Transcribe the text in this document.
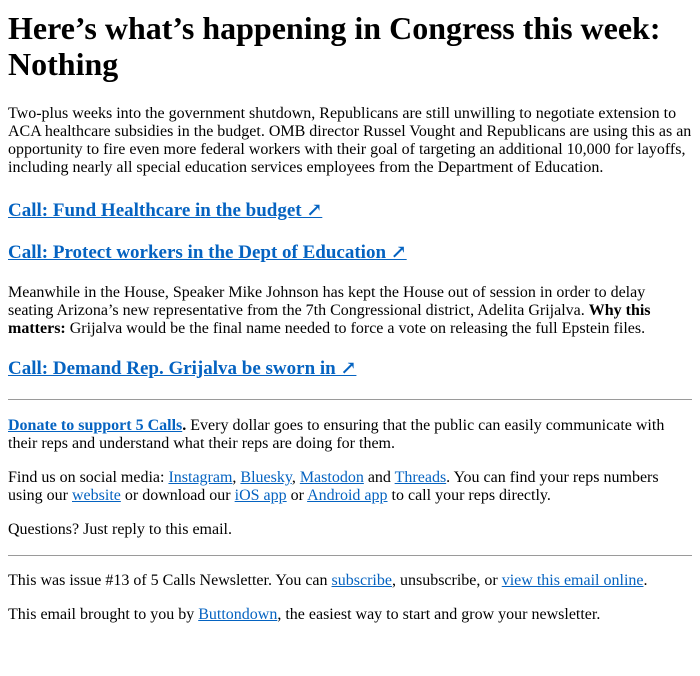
Here’s what’s happening in Congress this week: Nothing

Two-plus weeks into the government shutdown, Republicans are still unwilling to negotiate extension to ACA healthcare subsidies in the budget. OMB director Russel Vought and Republicans are using this as an opportunity to fire even more federal workers with their goal of targeting an additional 10,000 for layoffs, including nearly all special education services employees from the Department of Education.

Call: Fund Healthcare in the budget ↗
Call: Protect workers in the Dept of Education ↗

Meanwhile in the House, Speaker Mike Johnson has kept the House out of session in order to delay seating Arizona’s new representative from the 7th Congressional district, Adelita Grijalva. Why this matters: Grijalva would be the final name needed to force a vote on releasing the full Epstein files.

Call: Demand Rep. Grijalva be sworn in ↗

Donate to support 5 Calls. Every dollar goes to ensuring that the public can easily communicate with their reps and understand what their reps are doing for them.

Find us on social media: Instagram, Bluesky, Mastodon and Threads. You can find your reps numbers using our website or download our iOS app or Android app to call your reps directly.

Questions? Just reply to this email.

This was issue #13 of 5 Calls Newsletter. You can subscribe, unsubscribe, or view this email online.

This email brought to you by Buttondown, the easiest way to start and grow your newsletter.
